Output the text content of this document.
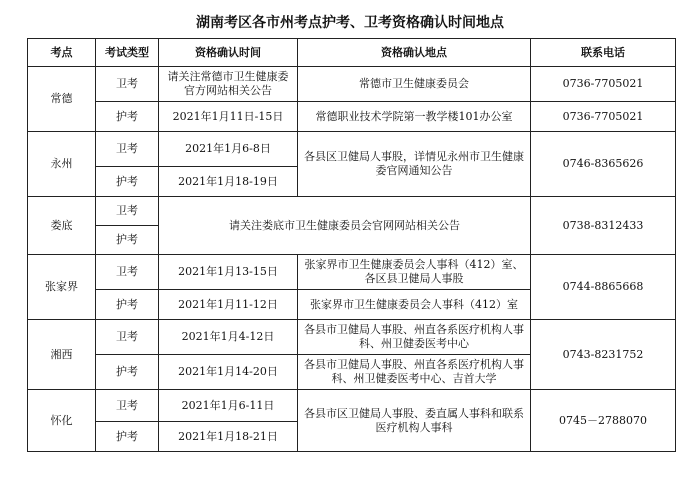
湖南考区各市州考点护考、卫考资格确认时间地点
考点	考试类型	资格确认时间	资格确认地点	联系电话
常德	卫考	请关注常德市卫生健康委官方网站相关公告	常德市卫生健康委员会	0736-7705021
	护考	2021年1月11日-15日	常德职业技术学院第一教学楼101办公室	0736-7705021
永州	卫考	2021年1月6-8日	各县区卫健局人事股，详情见永州市卫生健康委官网通知公告	0746-8365626
	护考	2021年1月18-19日		
娄底	卫考	请关注娄底市卫生健康委员会官网网站相关公告		0738-8312433
	护考			
张家界	卫考	2021年1月13-15日	张家界市卫生健康委员会人事科（412）室、各区县卫健局人事股	0744-8865668
	护考	2021年1月11-12日	张家界市卫生健康委员会人事科（412）室	
湘西	卫考	2021年1月4-12日	各县市卫健局人事股、州直各系医疗机构人事科、州卫健委医考中心	0743-8231752
	护考	2021年1月14-20日	各县市卫健局人事股、州直各系医疗机构人事科、州卫健委医考中心、吉首大学	
怀化	卫考	2021年1月6-11日	各县市区卫健局人事股、委直属人事科和联系医疗机构人事科	0745－2788070
	护考	2021年1月18-21日		
